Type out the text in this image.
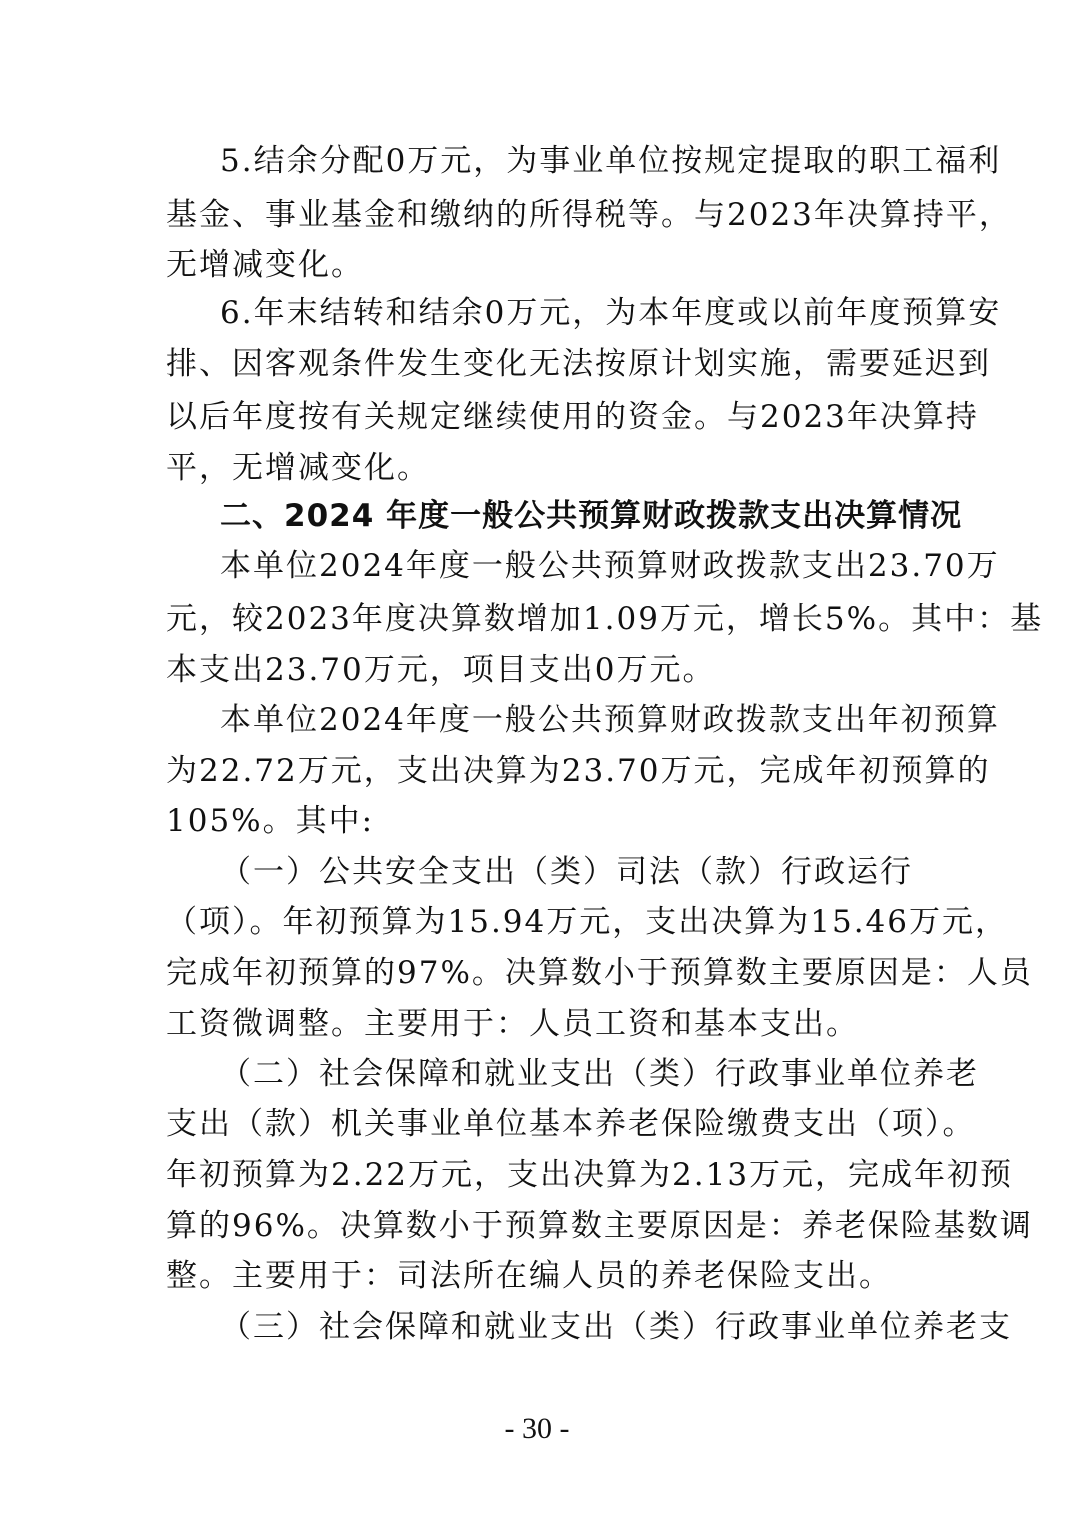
5.结余分配0万元，为事业单位按规定提取的职工福利
基金、事业基金和缴纳的所得税等。与2023年决算持平，
无增减变化。
6.年末结转和结余0万元，为本年度或以前年度预算安
排、因客观条件发生变化无法按原计划实施，需要延迟到
以后年度按有关规定继续使用的资金。与2023年决算持
平，无增减变化。
二、2024 年度一般公共预算财政拨款支出决算情况
本单位2024年度一般公共预算财政拨款支出23.70万
元，较2023年度决算数增加1.09万元，增长5%。其中：基
本支出23.70万元，项目支出0万元。
本单位2024年度一般公共预算财政拨款支出年初预算
为22.72万元，支出决算为23.70万元，完成年初预算的
105%。其中:
（一）公共安全支出（类）司法（款）行政运行
（项）。年初预算为15.94万元，支出决算为15.46万元，
完成年初预算的97%。决算数小于预算数主要原因是：人员
工资微调整。主要用于：人员工资和基本支出。
（二）社会保障和就业支出（类）行政事业单位养老
支出（款）机关事业单位基本养老保险缴费支出（项）。
年初预算为2.22万元，支出决算为2.13万元，完成年初预
算的96%。决算数小于预算数主要原因是：养老保险基数调
整。主要用于：司法所在编人员的养老保险支出。
（三）社会保障和就业支出（类）行政事业单位养老支
- 30 -
